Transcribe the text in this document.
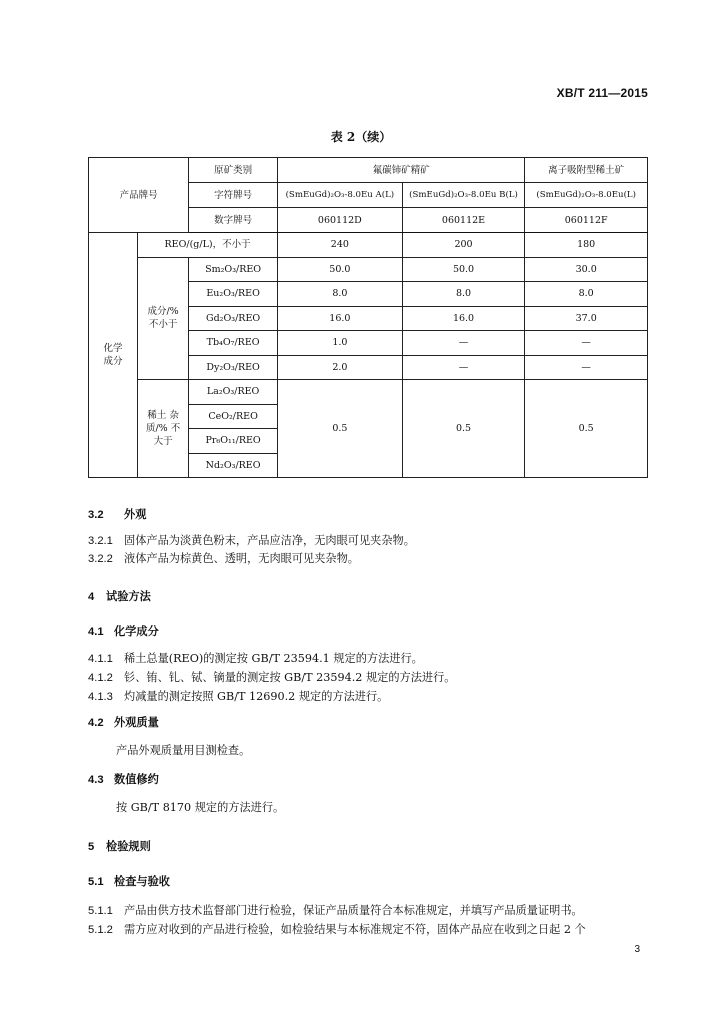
XB/T 211—2015
表 2（续）
产品牌号		原矿类别	氟碳铈矿精矿		离子吸附型稀土矿
		字符牌号	(SmEuGd)₂O₃-8.0Eu A(L)	(SmEuGd)₂O₃-8.0Eu B(L)	(SmEuGd)₂O₃-8.0Eu(L)
		数字牌号	060112D	060112E	060112F
化学成分	REO/(g/L)，不小于		240	200	180
	成分/% 不小于	Sm₂O₃/REO	50.0	50.0	30.0
		Eu₂O₃/REO	8.0	8.0	8.0
		Gd₂O₃/REO	16.0	16.0	37.0
		Tb₄O₇/REO	1.0	—	—
		Dy₂O₃/REO	2.0	—	—
	稀土 杂质/% 不大于	La₂O₃/REO	0.5	0.5	0.5
		CeO₂/REO			
		Pr₆O₁₁/REO			
		Nd₂O₃/REO			
3.2 外观
3.2.1 固体产品为淡黄色粉末，产品应洁净，无肉眼可见夹杂物。
3.2.2 液体产品为棕黄色、透明，无肉眼可见夹杂物。
4 试验方法
4.1 化学成分
4.1.1 稀土总量(REO)的测定按 GB/T 23594.1 规定的方法进行。
4.1.2 钐、铕、钆、铽、镝量的测定按 GB/T 23594.2 规定的方法进行。
4.1.3 灼减量的测定按照 GB/T 12690.2 规定的方法进行。
4.2 外观质量
产品外观质量用目测检查。
4.3 数值修约
按 GB/T 8170 规定的方法进行。
5 检验规则
5.1 检查与验收
5.1.1 产品由供方技术监督部门进行检验，保证产品质量符合本标准规定，并填写产品质量证明书。
5.1.2 需方应对收到的产品进行检验，如检验结果与本标准规定不符，固体产品应在收到之日起 2 个
3
